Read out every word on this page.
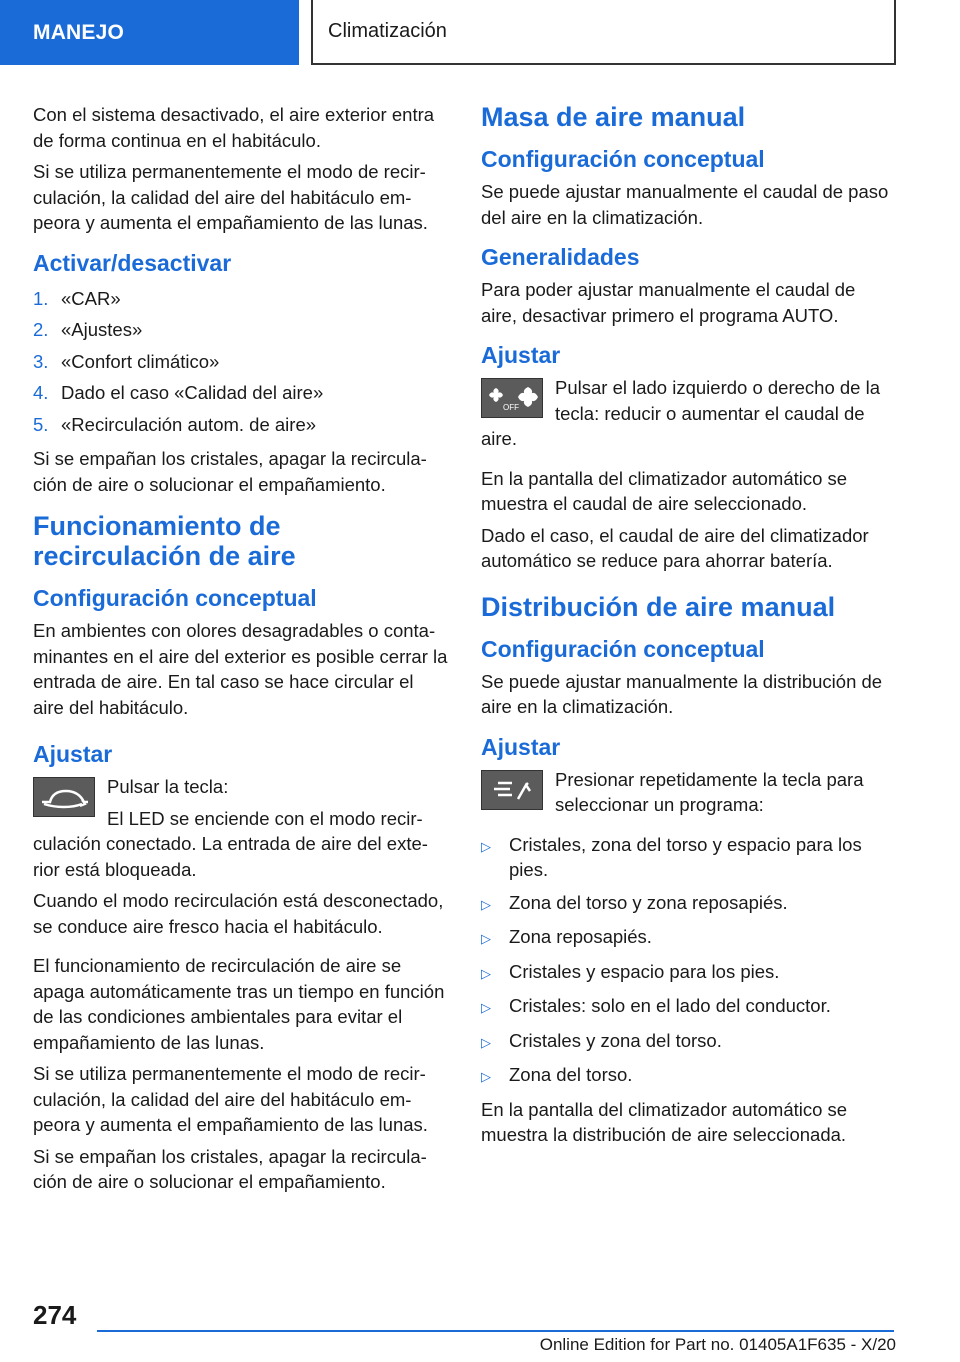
MANEJO	Climatización

Con el sistema desactivado, el aire exterior entra de forma continua en el habitáculo.

Si se utiliza permanentemente el modo de recirculación, la calidad del aire del habitáculo empeora y aumenta el empañamiento de las lunas.

Activar/desactivar
1. «CAR»
2. «Ajustes»
3. «Confort climático»
4. Dado el caso «Calidad del aire»
5. «Recirculación autom. de aire»

Si se empañan los cristales, apagar la recirculación de aire o solucionar el empañamiento.

Funcionamiento de recirculación de aire
Configuración conceptual

En ambientes con olores desagradables o contaminantes en el aire del exterior es posible cerrar la entrada de aire. En tal caso se hace circular el aire del habitáculo.

Ajustar

Pulsar la tecla:

El LED se enciende con el modo recirculación conectado. La entrada de aire del exterior está bloqueada.

Cuando el modo recirculación está desconectado, se conduce aire fresco hacia el habitáculo.

El funcionamiento de recirculación de aire se apaga automáticamente tras un tiempo en función de las condiciones ambientales para evitar el empañamiento de las lunas.

Si se utiliza permanentemente el modo de recirculación, la calidad del aire del habitáculo empeora y aumenta el empañamiento de las lunas.

Si se empañan los cristales, apagar la recirculación de aire o solucionar el empañamiento.

Masa de aire manual
Configuración conceptual

Se puede ajustar manualmente el caudal de paso del aire en la climatización.

Generalidades

Para poder ajustar manualmente el caudal de aire, desactivar primero el programa AUTO.

Ajustar
OFF

Pulsar el lado izquierdo o derecho de la tecla: reducir o aumentar el caudal de aire.

En la pantalla del climatizador automático se muestra el caudal de aire seleccionado.

Dado el caso, el caudal de aire del climatizador automático se reduce para ahorrar batería.

Distribución de aire manual
Configuración conceptual

Se puede ajustar manualmente la distribución de aire en la climatización.

Ajustar

Presionar repetidamente la tecla para seleccionar un programa:

▷ Cristales, zona del torso y espacio para los pies.
▷ Zona del torso y zona reposapiés.
▷ Zona reposapiés.
▷ Cristales y espacio para los pies.
▷ Cristales: solo en el lado del conductor.
▷ Cristales y zona del torso.
▷ Zona del torso.

En la pantalla del climatizador automático se muestra la distribución de aire seleccionada.

274
Online Edition for Part no. 01405A1F635 - X/20
